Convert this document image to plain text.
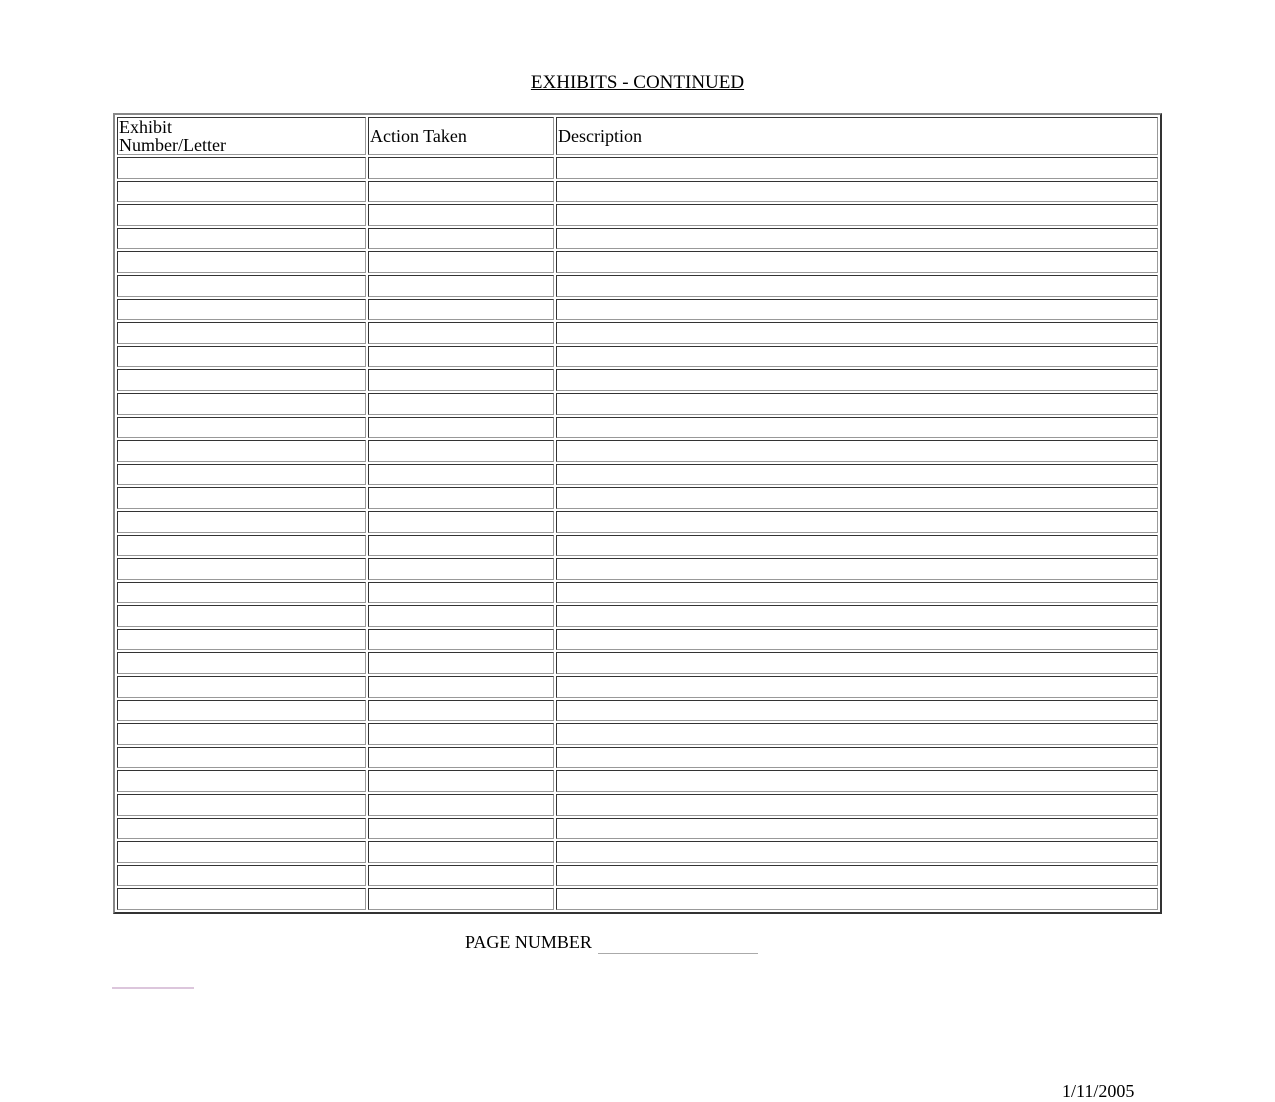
EXHIBITS - CONTINUED
Exhibit
Number/Letter	Action Taken	Description

PAGE NUMBER
1/11/2005
